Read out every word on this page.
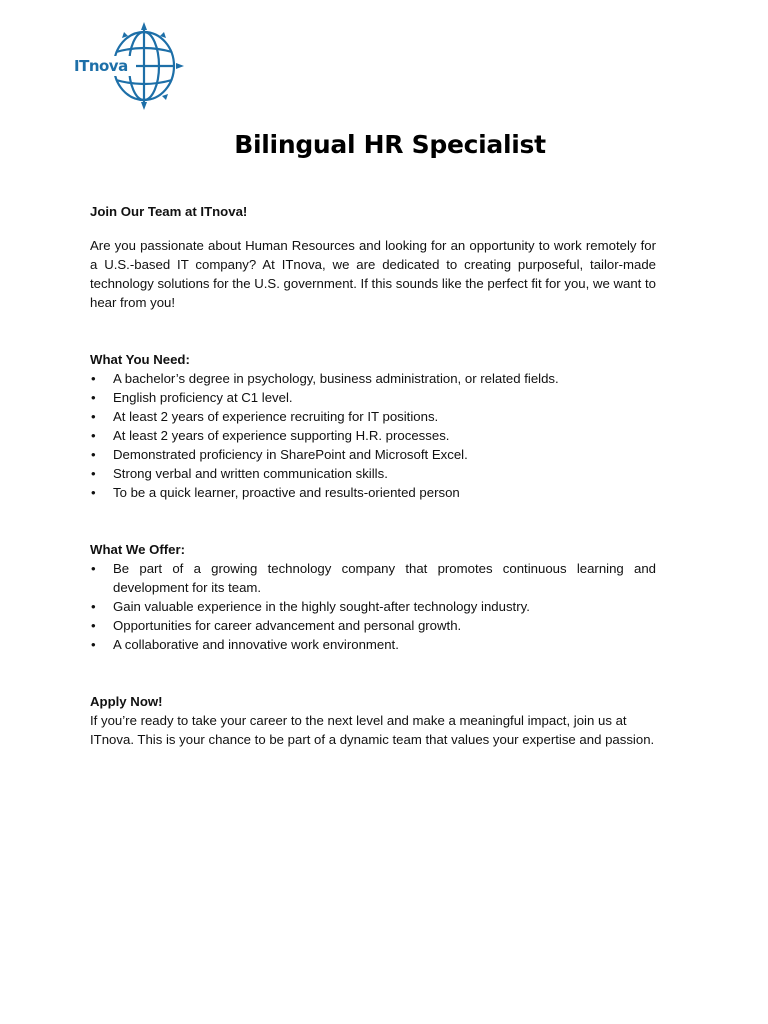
ITnova
Bilingual HR Specialist

Join Our Team at ITnova!

Are you passionate about Human Resources and looking for an opportunity to work remotely for a U.S.-based IT company? At ITnova, we are dedicated to creating purposeful, tailor-made technology solutions for the U.S. government. If this sounds like the perfect fit for you, we want to hear from you!

What You Need:

• A bachelor’s degree in psychology, business administration, or related fields.
• English proficiency at C1 level.
• At least 2 years of experience recruiting for IT positions.
• At least 2 years of experience supporting H.R. processes.
• Demonstrated proficiency in SharePoint and Microsoft Excel.
• Strong verbal and written communication skills.
• To be a quick learner, proactive and results-oriented person

What We Offer:

• Be part of a growing technology company that promotes continuous learning and development for its team.
• Gain valuable experience in the highly sought-after technology industry.
• Opportunities for career advancement and personal growth.
• A collaborative and innovative work environment.

Apply Now!

If you’re ready to take your career to the next level and make a meaningful impact, join us at ITnova. This is your chance to be part of a dynamic team that values your expertise and passion.
